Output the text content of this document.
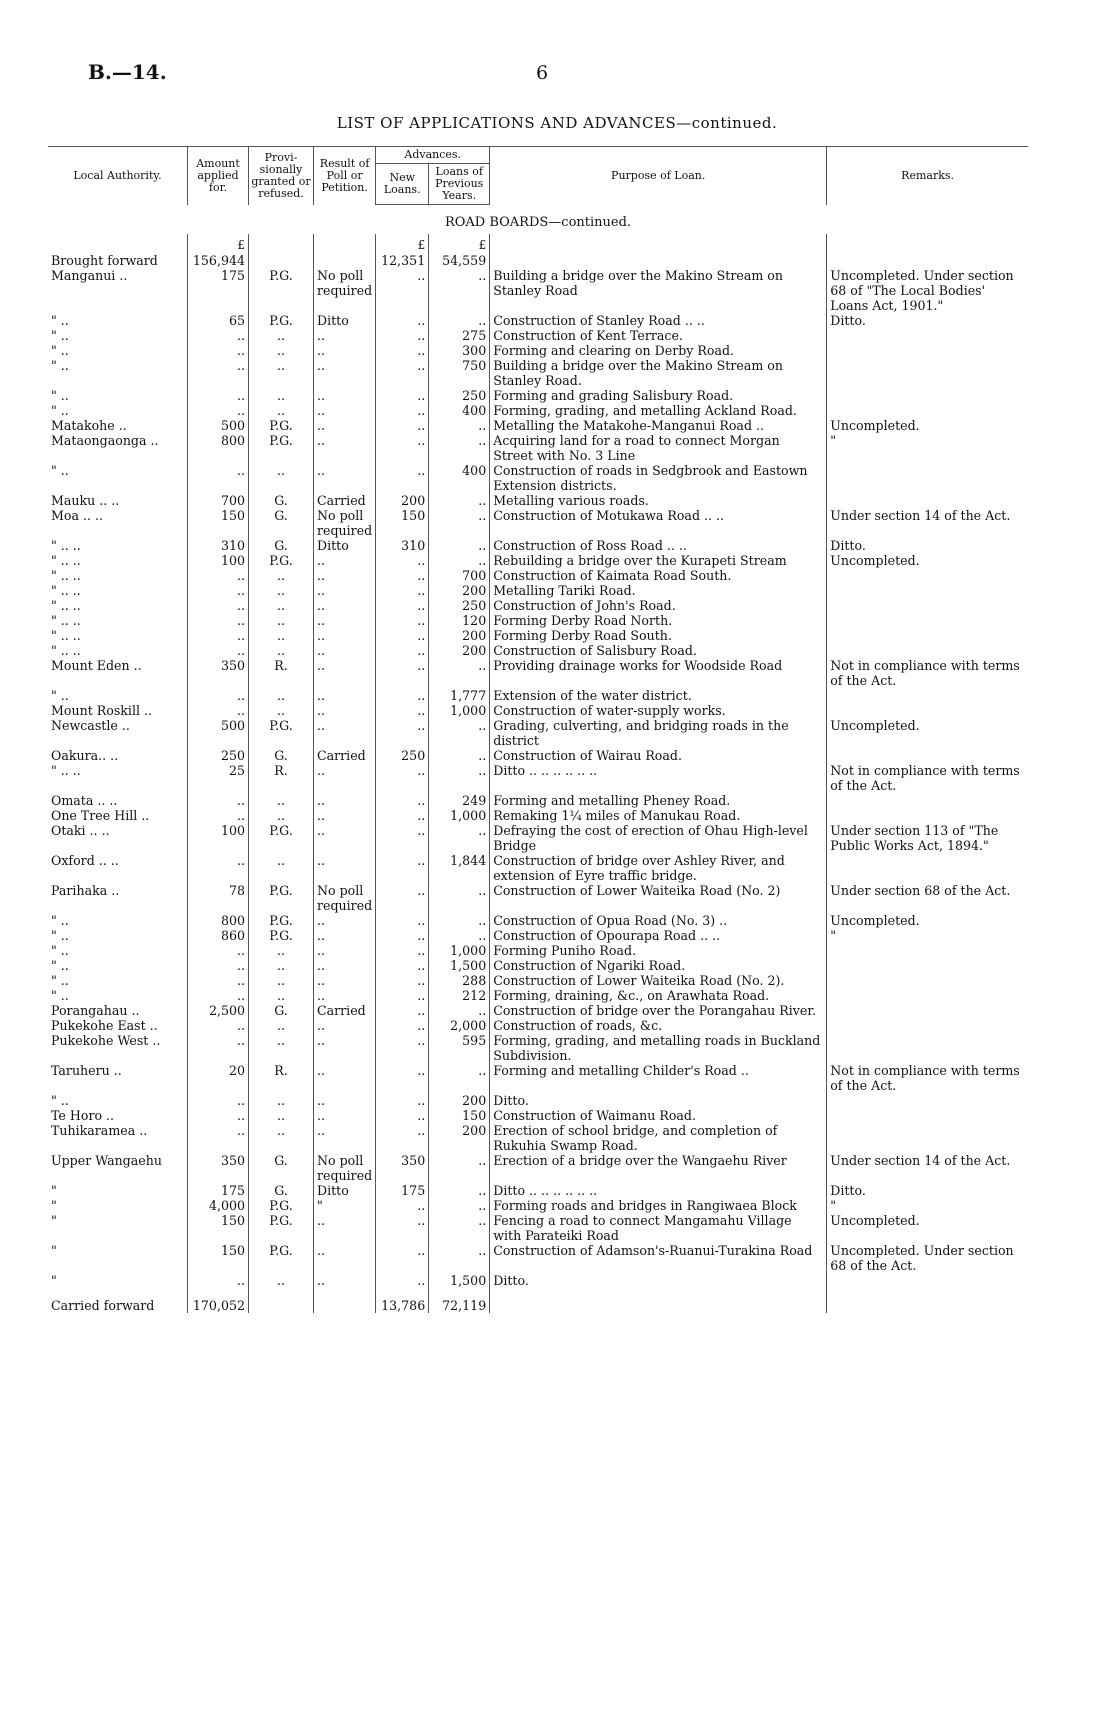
B.—14.	6
LIST OF APPLICATIONS AND ADVANCES—continued.
Local Authority.	Amount applied for.	Provi- sionally granted or refused.	Result of Poll or Petition.	Advances.		Purpose of Loan.	Remarks.
				New Loans.	Loans of Previous Years.		
ROAD BOARDS—continued.							
	£			£	£		
Brought forward	156,944			12,351	54,559		
Manganui ..	175	P.G.	No poll required	..	..	Building a bridge over the Makino Stream on Stanley Road	Uncompleted. Under section 68 of "The Local Bodies' Loans Act, 1901."
" ..	65	P.G.	Ditto	..	..	Construction of Stanley Road .. ..	Ditto.
" ..	..	..	..	..	275	Construction of Kent Terrace.	
" ..	..	..	..	..	300	Forming and clearing on Derby Road.	
" ..	..	..	..	..	750	Building a bridge over the Makino Stream on Stanley Road.	
" ..	..	..	..	..	250	Forming and grading Salisbury Road.	
" ..	..	..	..	..	400	Forming, grading, and metalling Ackland Road.	
Matakohe ..	500	P.G.	..	..	..	Metalling the Matakohe-Manganui Road ..	Uncompleted.
Mataongaonga ..	800	P.G.	..	..	..	Acquiring land for a road to connect Morgan Street with No. 3 Line	"
" ..	..	..	..	..	400	Construction of roads in Sedgbrook and Eastown Extension districts.	
Mauku .. ..	700	G.	Carried	200	..	Metalling various roads.	
Moa .. ..	150	G.	No poll required	150	..	Construction of Motukawa Road .. ..	Under section 14 of the Act.
" .. ..	310	G.	Ditto	310	..	Construction of Ross Road .. ..	Ditto.
" .. ..	100	P.G.	..	..	..	Rebuilding a bridge over the Kurapeti Stream	Uncompleted.
" .. ..	..	..	..	..	700	Construction of Kaimata Road South.	
" .. ..	..	..	..	..	200	Metalling Tariki Road.	
" .. ..	..	..	..	..	250	Construction of John's Road.	
" .. ..	..	..	..	..	120	Forming Derby Road North.	
" .. ..	..	..	..	..	200	Forming Derby Road South.	
" .. ..	..	..	..	..	200	Construction of Salisbury Road.	
Mount Eden ..	350	R.	..	..	..	Providing drainage works for Woodside Road	Not in compliance with terms of the Act.
" ..	..	..	..	..	1,777	Extension of the water district.	
Mount Roskill ..	..	..	..	..	1,000	Construction of water-supply works.	
Newcastle ..	500	P.G.	..	..	..	Grading, culverting, and bridging roads in the district	Uncompleted.
Oakura.. ..	250	G.	Carried	250	..	Construction of Wairau Road.	
" .. ..	25	R.	..	..	..	Ditto .. .. .. .. .. ..	Not in compliance with terms of the Act.
Omata .. ..	..	..	..	..	249	Forming and metalling Pheney Road.	
One Tree Hill ..	..	..	..	..	1,000	Remaking 1¼ miles of Manukau Road.	
Otaki .. ..	100	P.G.	..	..	..	Defraying the cost of erection of Ohau High-level Bridge	Under section 113 of "The Public Works Act, 1894."
Oxford .. ..	..	..	..	..	1,844	Construction of bridge over Ashley River, and extension of Eyre traffic bridge.	
Parihaka ..	78	P.G.	No poll required	..	..	Construction of Lower Waiteika Road (No. 2)	Under section 68 of the Act.
" ..	800	P.G.	..	..	..	Construction of Opua Road (No. 3) ..	Uncompleted.
" ..	860	P.G.	..	..	..	Construction of Opourapa Road .. ..	"
" ..	..	..	..	..	1,000	Forming Puniho Road.	
" ..	..	..	..	..	1,500	Construction of Ngariki Road.	
" ..	..	..	..	..	288	Construction of Lower Waiteika Road (No. 2).	
" ..	..	..	..	..	212	Forming, draining, &c., on Arawhata Road.	
Porangahau ..	2,500	G.	Carried	..	..	Construction of bridge over the Porangahau River.	
Pukekohe East ..	..	..	..	..	2,000	Construction of roads, &c.	
Pukekohe West ..	..	..	..	..	595	Forming, grading, and metalling roads in Buckland Subdivision.	
Taruheru ..	20	R.	..	..	..	Forming and metalling Childer's Road ..	Not in compliance with terms of the Act.
" ..	..	..	..	..	200	Ditto.	
Te Horo ..	..	..	..	..	150	Construction of Waimanu Road.	
Tuhikaramea ..	..	..	..	..	200	Erection of school bridge, and completion of Rukuhia Swamp Road.	
Upper Wangaehu	350	G.	No poll required	350	..	Erection of a bridge over the Wangaehu River	Under section 14 of the Act.
"	175	G.	Ditto	175	..	Ditto .. .. .. .. .. ..	Ditto.
"	4,000	P.G.	"	..	..	Forming roads and bridges in Rangiwaea Block	"
"	150	P.G.	..	..	..	Fencing a road to connect Mangamahu Village with Parateiki Road	Uncompleted.
"	150	P.G.	..	..	..	Construction of Adamson's-Ruanui-Turakina Road	Uncompleted. Under section 68 of the Act.
"	..	..	..	..	1,500	Ditto.	
Carried forward	170,052			13,786	72,119		
